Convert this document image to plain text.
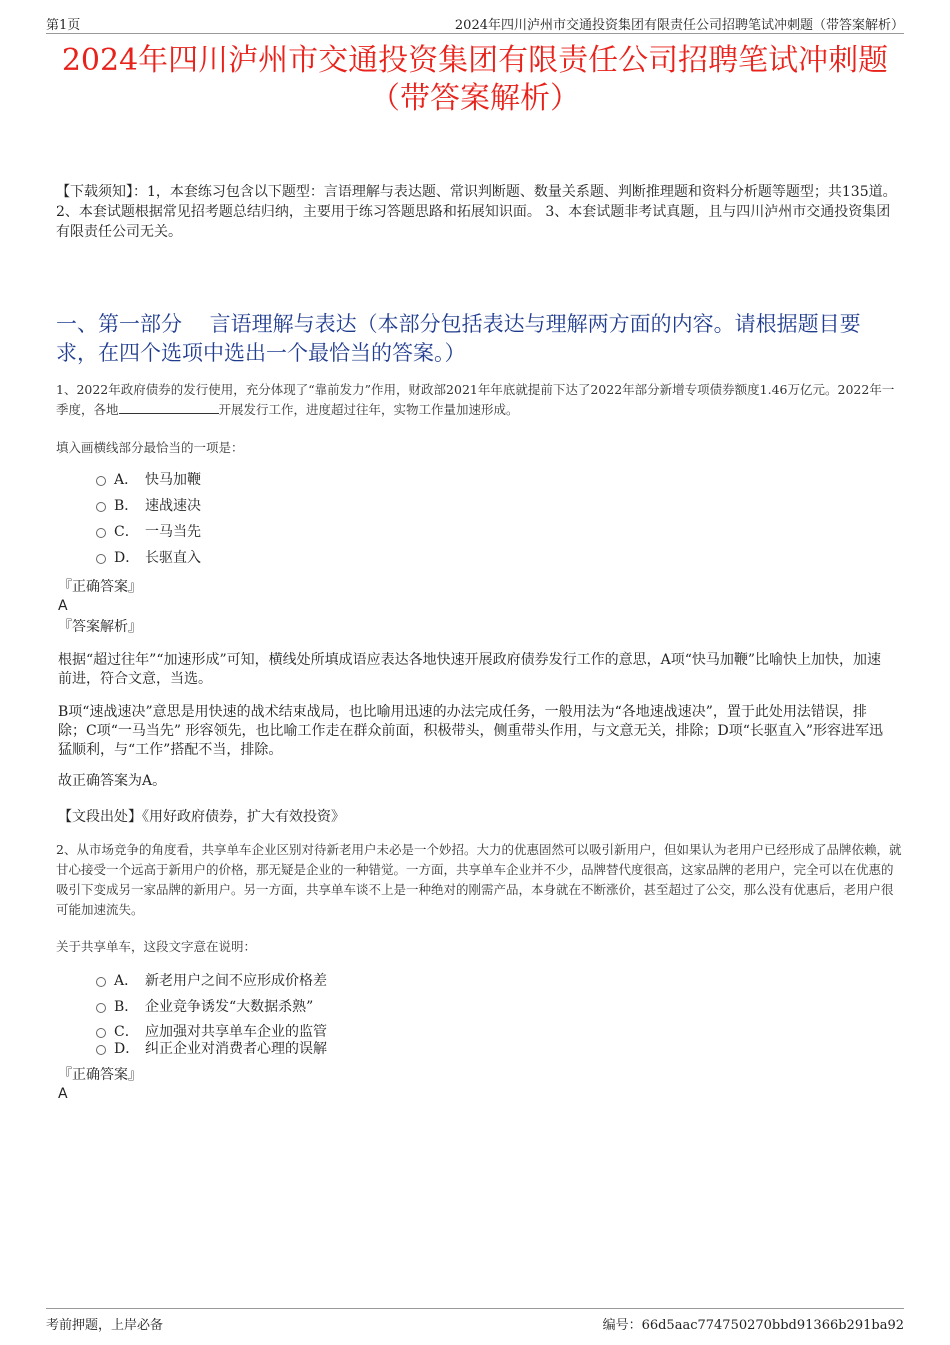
第1页	2024年四川泸州市交通投资集团有限责任公司招聘笔试冲刺题（带答案解析）
2024年四川泸州市交通投资集团有限责任公司招聘笔试冲刺题
（带答案解析）
【下载须知】：1，本套练习包含以下题型：言语理解与表达题、常识判断题、数量关系题、判断推理题和资料分析题等题型；共135道。 2、本套试题根据常见招考题总结归纳，主要用于练习答题思路和拓展知识面。 3、本套试题非考试真题，且与四川泸州市交通投资集团有限责任公司无关。
一、第一部分　 言语理解与表达（本部分包括表达与理解两方面的内容。请根据题目要求，在四个选项中选出一个最恰当的答案。）
1、2022年政府债券的发行使用，充分体现了“靠前发力”作用，财政部2021年年底就提前下达了2022年部分新增专项债券额度1.46万亿元。2022年一季度，各地	开展发行工作，进度超过往年，实物工作量加速形成。
填入画横线部分最恰当的一项是：
A． 快马加鞭
B． 速战速决
C． 一马当先
D． 长驱直入
『正确答案』
A
『答案解析』
根据“超过往年”“加速形成”可知，横线处所填成语应表达各地快速开展政府债券发行工作的意思，A项“快马加鞭”比喻快上加快，加速前进，符合文意，当选。
B项“速战速决”意思是用快速的战术结束战局，也比喻用迅速的办法完成任务，一般用法为“各地速战速决”，置于此处用法错误，排除；C项“一马当先” 形容领先，也比喻工作走在群众前面，积极带头，侧重带头作用，与文意无关，排除；D项“长驱直入”形容进军迅猛顺利，与“工作”搭配不当，排除。
故正确答案为A。
【文段出处】《用好政府债券，扩大有效投资》
2、从市场竞争的角度看，共享单车企业区别对待新老用户未必是一个妙招。大力的优惠固然可以吸引新用户，但如果认为老用户已经形成了品牌依赖，就甘心接受一个远高于新用户的价格，那无疑是企业的一种错觉。一方面，共享单车企业并不少，品牌替代度很高，这家品牌的老用户，完全可以在优惠的吸引下变成另一家品牌的新用户。另一方面，共享单车谈不上是一种绝对的刚需产品，本身就在不断涨价，甚至超过了公交，那么没有优惠后，老用户很可能加速流失。
关于共享单车，这段文字意在说明：
A． 新老用户之间不应形成价格差
B． 企业竞争诱发“大数据杀熟”
C． 应加强对共享单车企业的监管
D． 纠正企业对消费者心理的误解
『正确答案』
A
考前押题，上岸必备	编号：66d5aac774750270bbd91366b291ba92
